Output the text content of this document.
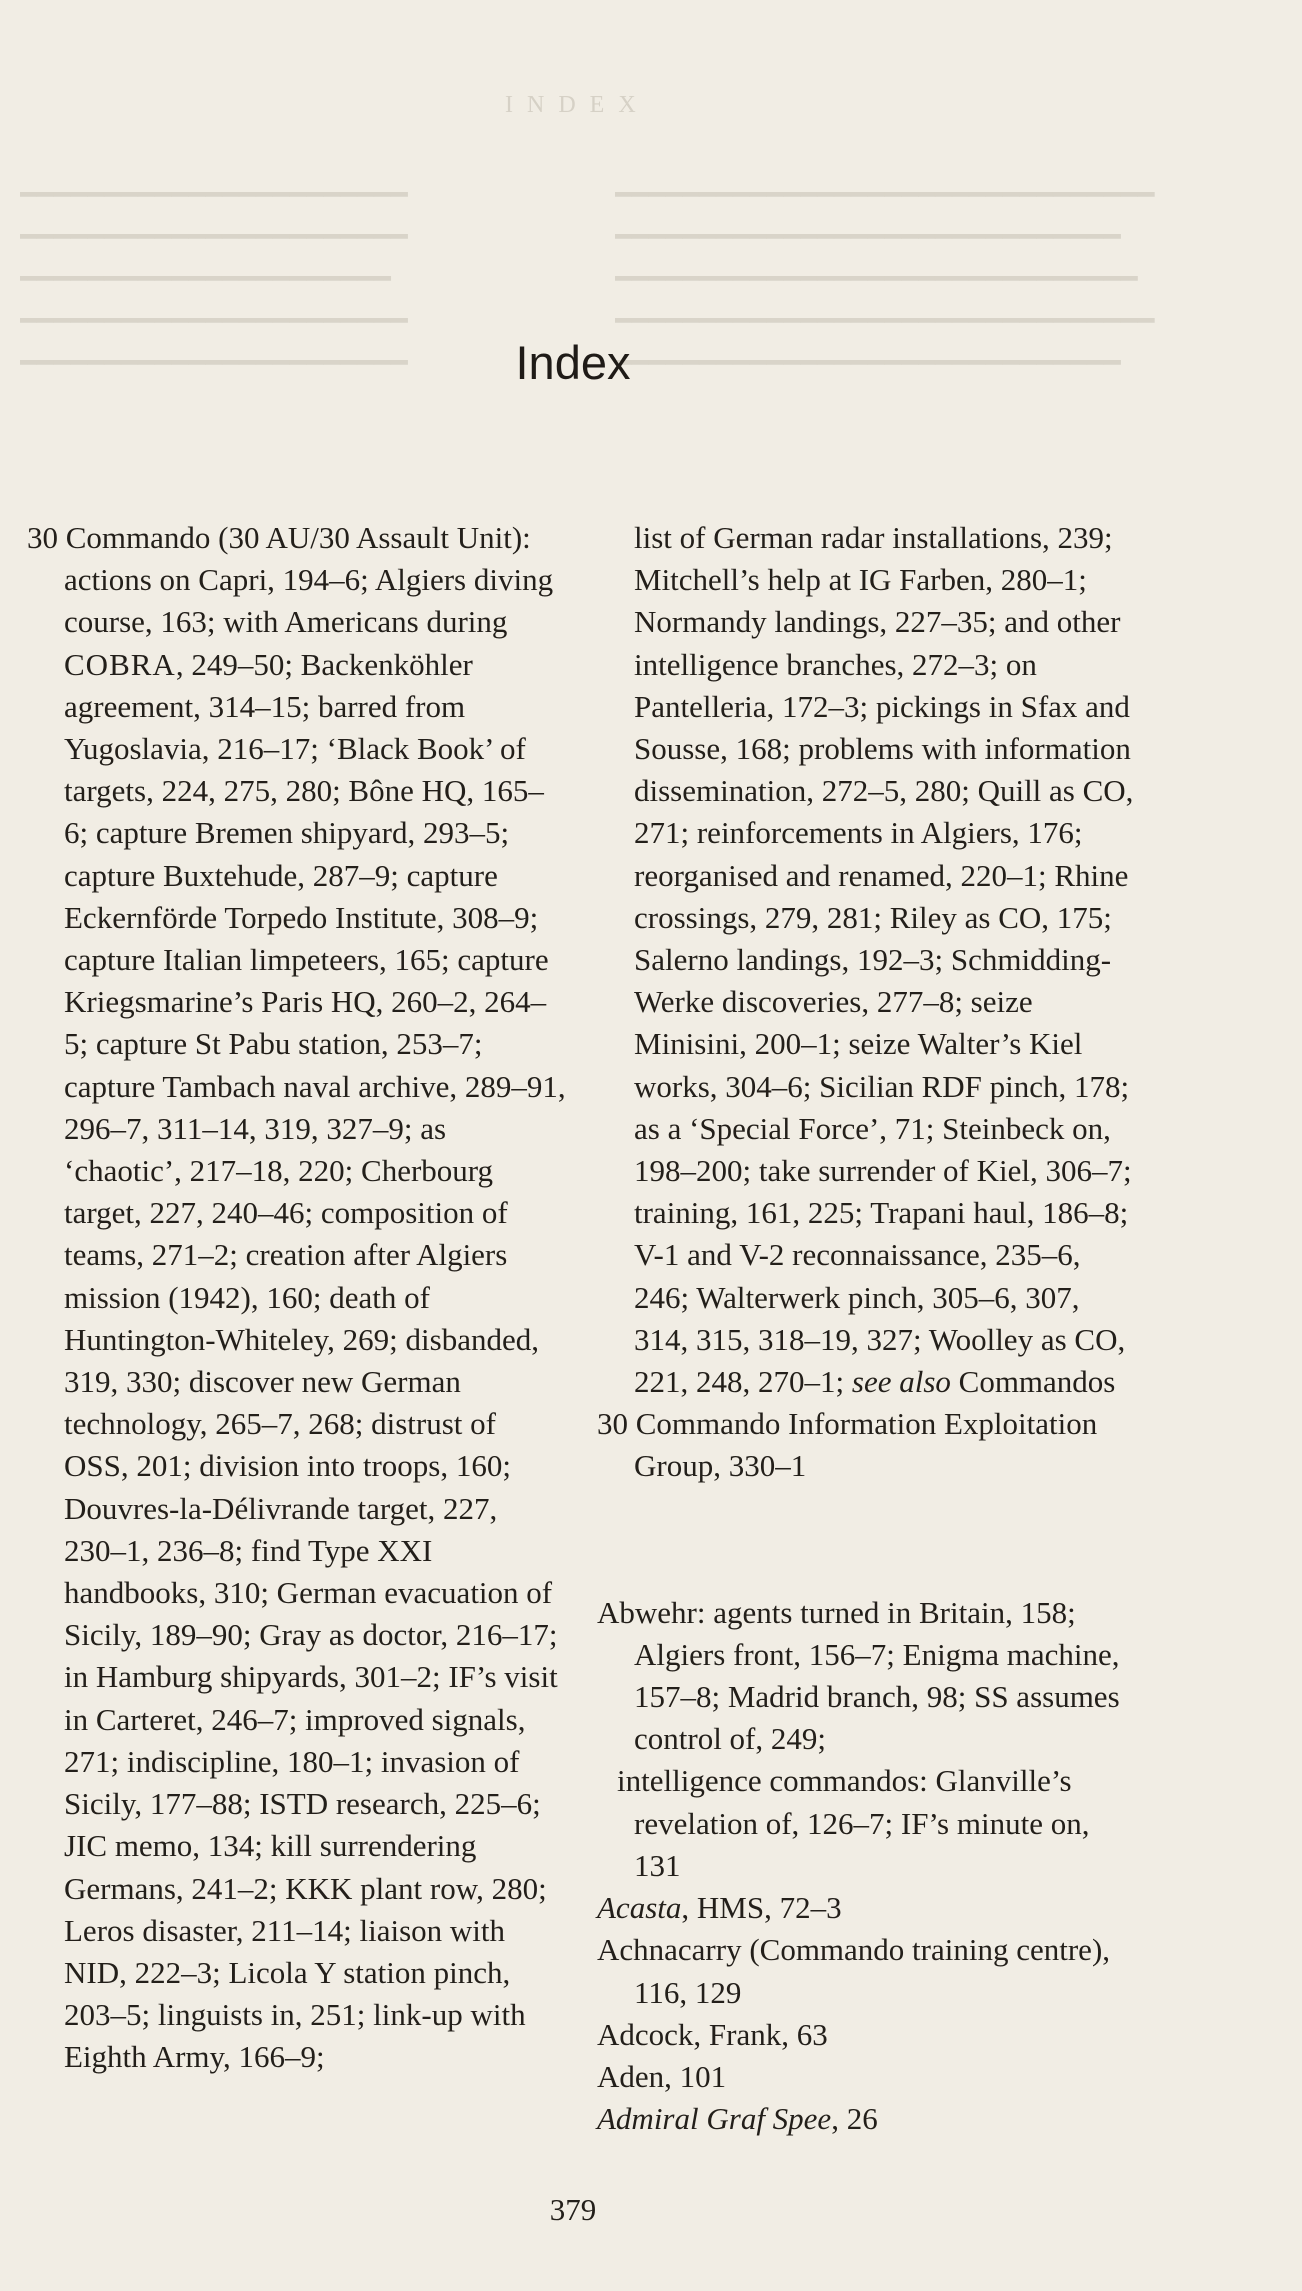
I N D E X
━━━━━━━━━━━━━━━━━━━━━━━
━━━━━━━━━━━━━━━━━━━━━━━
━━━━━━━━━━━━━━━━━━━━━━
━━━━━━━━━━━━━━━━━━━━━━━
━━━━━━━━━━━━━━━━━━━━━━━
━━━━━━━━━━━━━━━━━━━━━━━━━━━━━━━━
━━━━━━━━━━━━━━━━━━━━━━━━━━━━━━
━━━━━━━━━━━━━━━━━━━━━━━━━━━━━━━
━━━━━━━━━━━━━━━━━━━━━━━━━━━━━━━━
━━━━━━━━━━━━━━━━━━━━━━━━━━━━━━
Index

30 Commando (30 AU/30 Assault Unit): actions on Capri, 194–6; Algiers diving course, 163; with Americans during COBRA, 249–50; Backenköhler agreement, 314–15; barred from Yugoslavia, 216–17; ‘Black Book’ of targets, 224, 275, 280; Bône HQ, 165–6; capture Bremen shipyard, 293–5; capture Buxtehude, 287–9; capture Eckernförde Torpedo Institute, 308–9; capture Italian limpeteers, 165; capture Kriegsmarine’s Paris HQ, 260–2, 264–5; capture St Pabu station, 253–7; capture Tambach naval archive, 289–91, 296–7, 311–14, 319, 327–9; as ‘chaotic’, 217–18, 220; Cherbourg target, 227, 240–46; composition of teams, 271–2; creation after Algiers mission (1942), 160; death of Huntington-Whiteley, 269; disbanded, 319, 330; discover new German technology, 265–7, 268; distrust of OSS, 201; division into troops, 160; Douvres-la-Délivrande target, 227, 230–1, 236–8; find Type XXI handbooks, 310; German evacuation of Sicily, 189–90; Gray as doctor, 216–17; in Hamburg shipyards, 301–2; IF’s visit in Carteret, 246–7; improved signals, 271; indiscipline, 180–1; invasion of Sicily, 177–88; ISTD research, 225–6; JIC memo, 134; kill surrendering Germans, 241–2; KKK plant row, 280; Leros disaster, 211–14; liaison with NID, 222–3; Licola Y station pinch, 203–5; linguists in, 251; link-up with Eighth Army, 166–9;

list of German radar installations, 239; Mitchell’s help at IG Farben, 280–1; Normandy landings, 227–35; and other intelligence branches, 272–3; on Pantelleria, 172–3; pickings in Sfax and Sousse, 168; problems with information dissemination, 272–5, 280; Quill as CO, 271; reinforcements in Algiers, 176; reorganised and renamed, 220–1; Rhine crossings, 279, 281; Riley as CO, 175; Salerno landings, 192–3; Schmidding-Werke discoveries, 277–8; seize Minisini, 200–1; seize Walter’s Kiel works, 304–6; Sicilian RDF pinch, 178; as a ‘Special Force’, 71; Steinbeck on, 198–200; take surrender of Kiel, 306–7; training, 161, 225; Trapani haul, 186–8; V-1 and V-2 reconnaissance, 235–6, 246; Walterwerk pinch, 305–6, 307, 314, 315, 318–19, 327; Woolley as CO, 221, 248, 270–1; see also Commandos

30 Commando Information Exploitation Group, 330–1

Abwehr: agents turned in Britain, 158; Algiers front, 156–7; Enigma machine, 157–8; Madrid branch, 98; SS assumes control of, 249;

intelligence commandos: Glanville’s revelation of, 126–7; IF’s minute on, 131

Acasta, HMS, 72–3

Achnacarry (Commando training centre), 116, 129

Adcock, Frank, 63

Aden, 101

Admiral Graf Spee, 26

379
